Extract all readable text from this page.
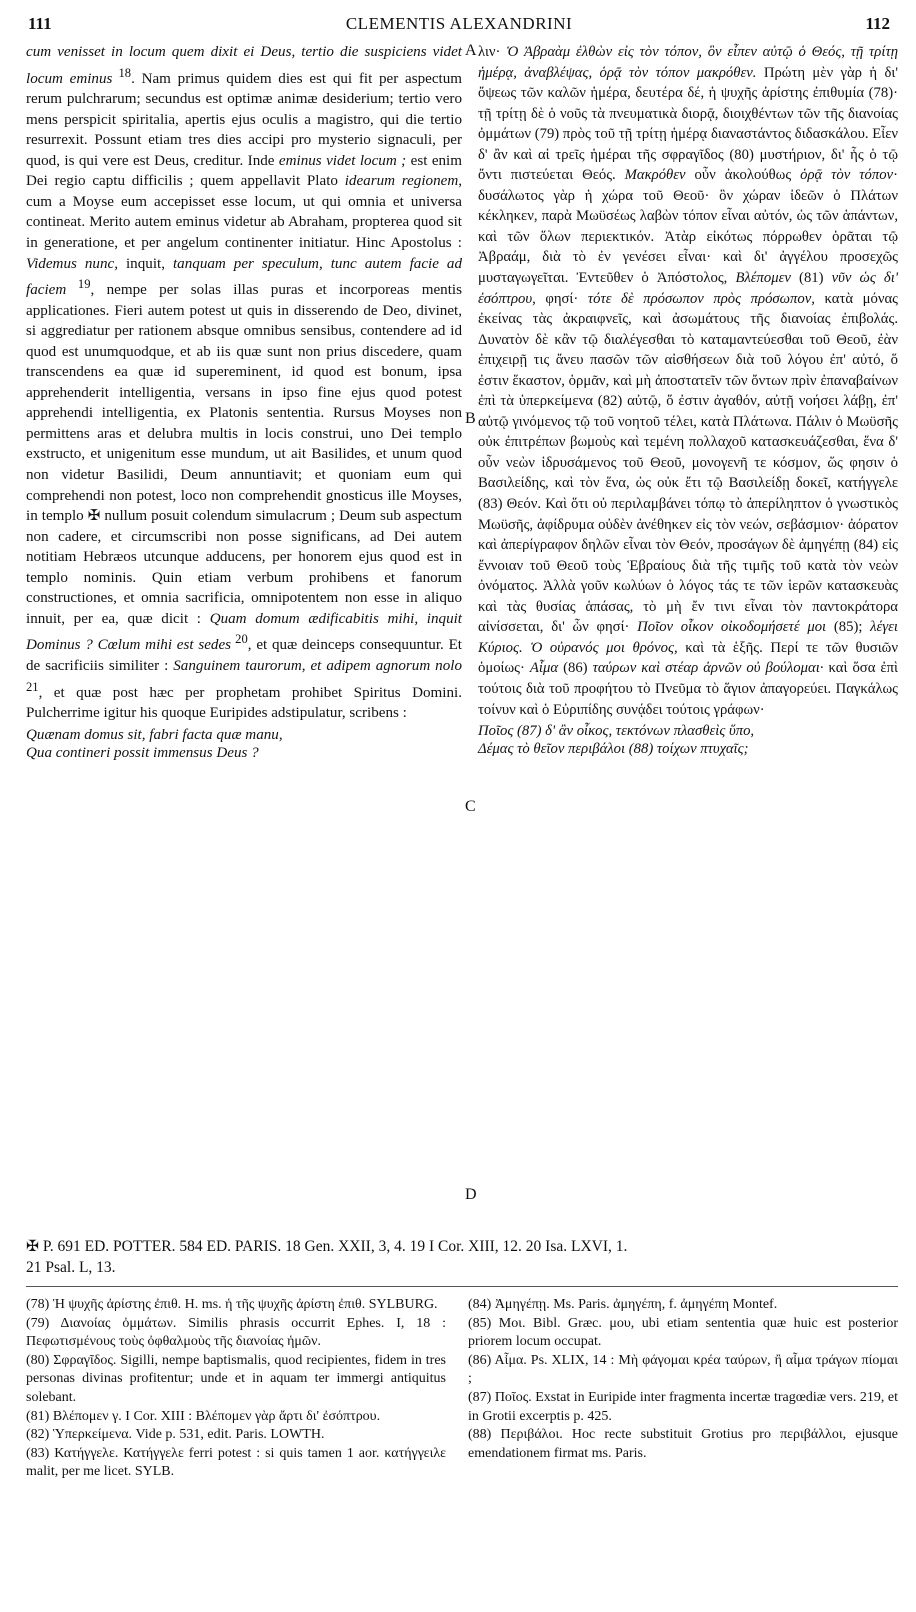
111	CLEMENTIS ALEXANDRINI	112
A
B
C
D

cum venisset in locum quem dixit ei Deus, tertio die suspiciens videt locum eminus $^{18}$. Nam primus quidem dies est qui fit per aspectum rerum pulchrarum; secundus est optimæ animæ desiderium; tertio vero mens perspicit spiritalia, apertis ejus oculis a magistro, qui die tertio resurrexit. Possunt etiam tres dies accipi pro mysterio signaculi, per quod, is qui vere est Deus, creditur. Inde eminus videt locum ; est enim Dei regio captu difficilis ; quem appellavit Plato idearum regionem, cum a Moyse eum accepisset esse locum, ut qui omnia et universa contineat. Merito autem eminus videtur ab Abraham, propterea quod sit in generatione, et per angelum continenter initiatur. Hinc Apostolus : Videmus nunc, inquit, tanquam per speculum, tunc autem facie ad faciem $^{19}$, nempe per solas illas puras et incorporeas mentis applicationes. Fieri autem potest ut quis in disserendo de Deo, divinet, si aggrediatur per rationem absque omnibus sensibus, contendere ad id quod est unumquodque, et ab iis quæ sunt non prius discedere, quam transcendens ea quæ id supereminent, id quod est bonum, ipsa apprehenderit intelligentia, versans in ipso fine ejus quod potest apprehendi intelligentia, ex Platonis sententia. Rursus Moyses non permittens aras et delubra multis in locis construi, uno Dei templo exstructo, et unigenitum esse mundum, ut ait Basilides, et unum quod non videtur Basilidi, Deum annuntiavit; et quoniam eum qui comprehendi non potest, loco non comprehendit gnosticus ille Moyses, in templo ✠ nullum posuit colendum simulacrum ; Deum sub aspectum non cadere, et circumscribi non posse significans, ad Dei autem notitiam Hebræos utcunque adducens, per honorem ejus quod est in templo nominis. Quin etiam verbum prohibens et fanorum constructiones, et omnia sacrificia, omnipotentem non esse in aliquo innuit, per ea, quæ dicit : Quam domum ædificabitis mihi, inquit Dominus ? Cœlum mihi est sedes $^{20}$, et quæ deinceps consequuntur. Et de sacrificiis similiter : Sanguinem taurorum, et adipem agnorum nolo $^{21}$, et quæ post hæc per prophetam prohibet Spiritus Domini. Pulcherrime igitur his quoque Euripides adstipulatur, scribens :

Quænam domus sit, fabri facta quæ manu,
Qua contineri possit immensus Deus ?

λιν· Ὁ Ἀβραὰμ ἐλθὼν εἰς τὸν τόπον, ὃν εἶπεν αὐτῷ ὁ Θεός, τῇ τρίτῃ ἡμέρᾳ, ἀναβλέψας, ὁρᾷ τὸν τόπον μακρόθεν. Πρώτη μὲν γὰρ ἡ δι' ὄψεως τῶν καλῶν ἡμέρα, δευτέρα δέ, ἡ ψυχῆς ἀρίστης ἐπιθυμία (78)· τῇ τρίτῃ δὲ ὁ νοῦς τὰ πνευματικὰ διορᾷ, διοιχθέντων τῶν τῆς διανοίας ὀμμάτων (79) πρὸς τοῦ τῇ τρίτῃ ἡμέρᾳ διαναστάντος διδασκάλου. Εἶεν δ' ἂν καὶ αἱ τρεῖς ἡμέραι τῆς σφραγῖδος (80) μυστήριον, δι' ἧς ὁ τῷ ὄντι πιστεύεται Θεός. Μακρόθεν οὖν ἀκολούθως ὁρᾷ τὸν τόπον· δυσάλωτος γὰρ ἡ χώρα τοῦ Θεοῦ· ὃν χώραν ἰδεῶν ὁ Πλάτων κέκληκεν, παρὰ Μωϋσέως λαβὼν τόπον εἶναι αὐτόν, ὡς τῶν ἁπάντων, καὶ τῶν ὅλων περιεκτικόν. Ἀτὰρ εἰκότως πόρρωθεν ὁρᾶται τῷ Ἀβραάμ, διὰ τὸ ἐν γενέσει εἶναι· καὶ δι' ἀγγέλου προσεχῶς μυσταγωγεῖται. Ἐντεῦθεν ὁ Ἀπόστολος, Βλέπομεν (81) νῦν ὡς δι' ἐσόπτρου, φησί· τότε δὲ πρόσωπον πρὸς πρόσωπον, κατὰ μόνας ἐκείνας τὰς ἀκραιφνεῖς, καὶ ἀσωμάτους τῆς διανοίας ἐπιβολάς. Δυνατὸν δὲ κἂν τῷ διαλέγεσθαι τὸ καταμαντεύεσθαι τοῦ Θεοῦ, ἐὰν ἐπιχειρῇ τις ἄνευ πασῶν τῶν αἰσθήσεων διὰ τοῦ λόγου ἐπ' αὐτό, ὅ ἐστιν ἕκαστον, ὁρμᾶν, καὶ μὴ ἀποστατεῖν τῶν ὄντων πρὶν ἐπαναβαίνων ἐπὶ τὰ ὑπερκείμενα (82) αὐτῷ, ὅ ἐστιν ἀγαθόν, αὐτῇ νοήσει λάβῃ, ἐπ' αὐτῷ γινόμενος τῷ τοῦ νοητοῦ τέλει, κατὰ Πλάτωνα. Πάλιν ὁ Μωϋσῆς οὐκ ἐπιτρέπων βωμοὺς καὶ τεμένη πολλαχοῦ κατασκευάζεσθαι, ἕνα δ' οὖν νεὼν ἱδρυσάμενος τοῦ Θεοῦ, μονογενῆ τε κόσμον, ὥς φησιν ὁ Βασιλείδης, καὶ τὸν ἕνα, ὡς οὐκ ἔτι τῷ Βασιλείδῃ δοκεῖ, κατήγγελε (83) Θεόν. Καὶ ὅτι οὐ περιλαμβάνει τόπῳ τὸ ἀπερίληπτον ὁ γνωστικὸς Μωϋσῆς, ἀφίδρυμα οὐδὲν ἀνέθηκεν εἰς τὸν νεών, σεβάσμιον· ἀόρατον καὶ ἀπερίγραφον δηλῶν εἶναι τὸν Θεόν, προσάγων δὲ ἀμηγέπῃ (84) εἰς ἔννοιαν τοῦ Θεοῦ τοὺς Ἑβραίους διὰ τῆς τιμῆς τοῦ κατὰ τὸν νεὼν ὀνόματος. Ἀλλὰ γοῦν κωλύων ὁ λόγος τάς τε τῶν ἱερῶν κατασκευὰς καὶ τὰς θυσίας ἁπάσας, τὸ μὴ ἔν τινι εἶναι τὸν παντοκράτορα αἰνίσσεται, δι' ὧν φησί· Ποῖον οἶκον οἰκοδομήσετέ μοι (85); λέγει Κύριος. Ὁ οὐρανός μοι θρόνος, καὶ τὰ ἑξῆς. Περί τε τῶν θυσιῶν ὁμοίως· Αἷμα (86) ταύρων καὶ στέαρ ἀρνῶν οὐ βούλομαι· καὶ ὅσα ἐπὶ τούτοις διὰ τοῦ προφήτου τὸ Πνεῦμα τὸ ἅγιον ἀπαγορεύει. Παγκάλως τοίνυν καὶ ὁ Εὐριπίδης συνᾴδει τούτοις γράφων·

Ποῖος (87) δ' ἂν οἶκος, τεκτόνων πλασθεὶς ὕπο,
Δέμας τὸ θεῖον περιβάλοι (88) τοίχων πτυχαῖς;

✠ P. 691 ED. POTTER. 584 ED. PARIS. 18 Gen. XXII, 3, 4. 19 I Cor. XIII, 12. 20 Isa. LXVI, 1.

21 Psal. L, 13.

(78) Ἡ ψυχῆς ἀρίστης ἐπιθ. H. ms. ἡ τῆς ψυχῆς ἀρίστη ἐπιθ. SYLBURG.

(79) Διανοίας ὀμμάτων. Similis phrasis occurrit Ephes. I, 18 : Πεφωτισμένους τοὺς ὀφθαλμοὺς τῆς διανοίας ἡμῶν.

(80) Σφραγῖδος. Sigilli, nempe baptismalis, quod recipientes, fidem in tres personas divinas profitentur; unde et in aquam ter immergi antiquitus solebant.

(81) Βλέπομεν γ. I Cor. XIII : Βλέπομεν γὰρ ἄρτι δι' ἐσόπτρου.

(82) Ὑπερκείμενα. Vide p. 531, edit. Paris. LOWTH.

(83) Κατήγγελε. Κατήγγελε ferri potest : si quis tamen 1 aor. κατήγγειλε malit, per me licet. SYLB.

(84) Ἀμηγέπῃ. Ms. Paris. ἀμηγέπη, f. ἀμηγέπη Montef.

(85) Μοι. Bibl. Græc. μου, ubi etiam sententia quæ huic est posterior priorem locum occupat.

(86) Αἷμα. Ps. XLIX, 14 : Μὴ φάγομαι κρέα ταύρων, ἢ αἷμα τράγων πίομαι ;

(87) Ποῖος. Exstat in Euripide inter fragmenta incertæ tragœdiæ vers. 219, et in Grotii excerptis p. 425.

(88) Περιβάλοι. Hoc recte substituit Grotius pro περιβάλλοι, ejusque emendationem firmat ms. Paris.
